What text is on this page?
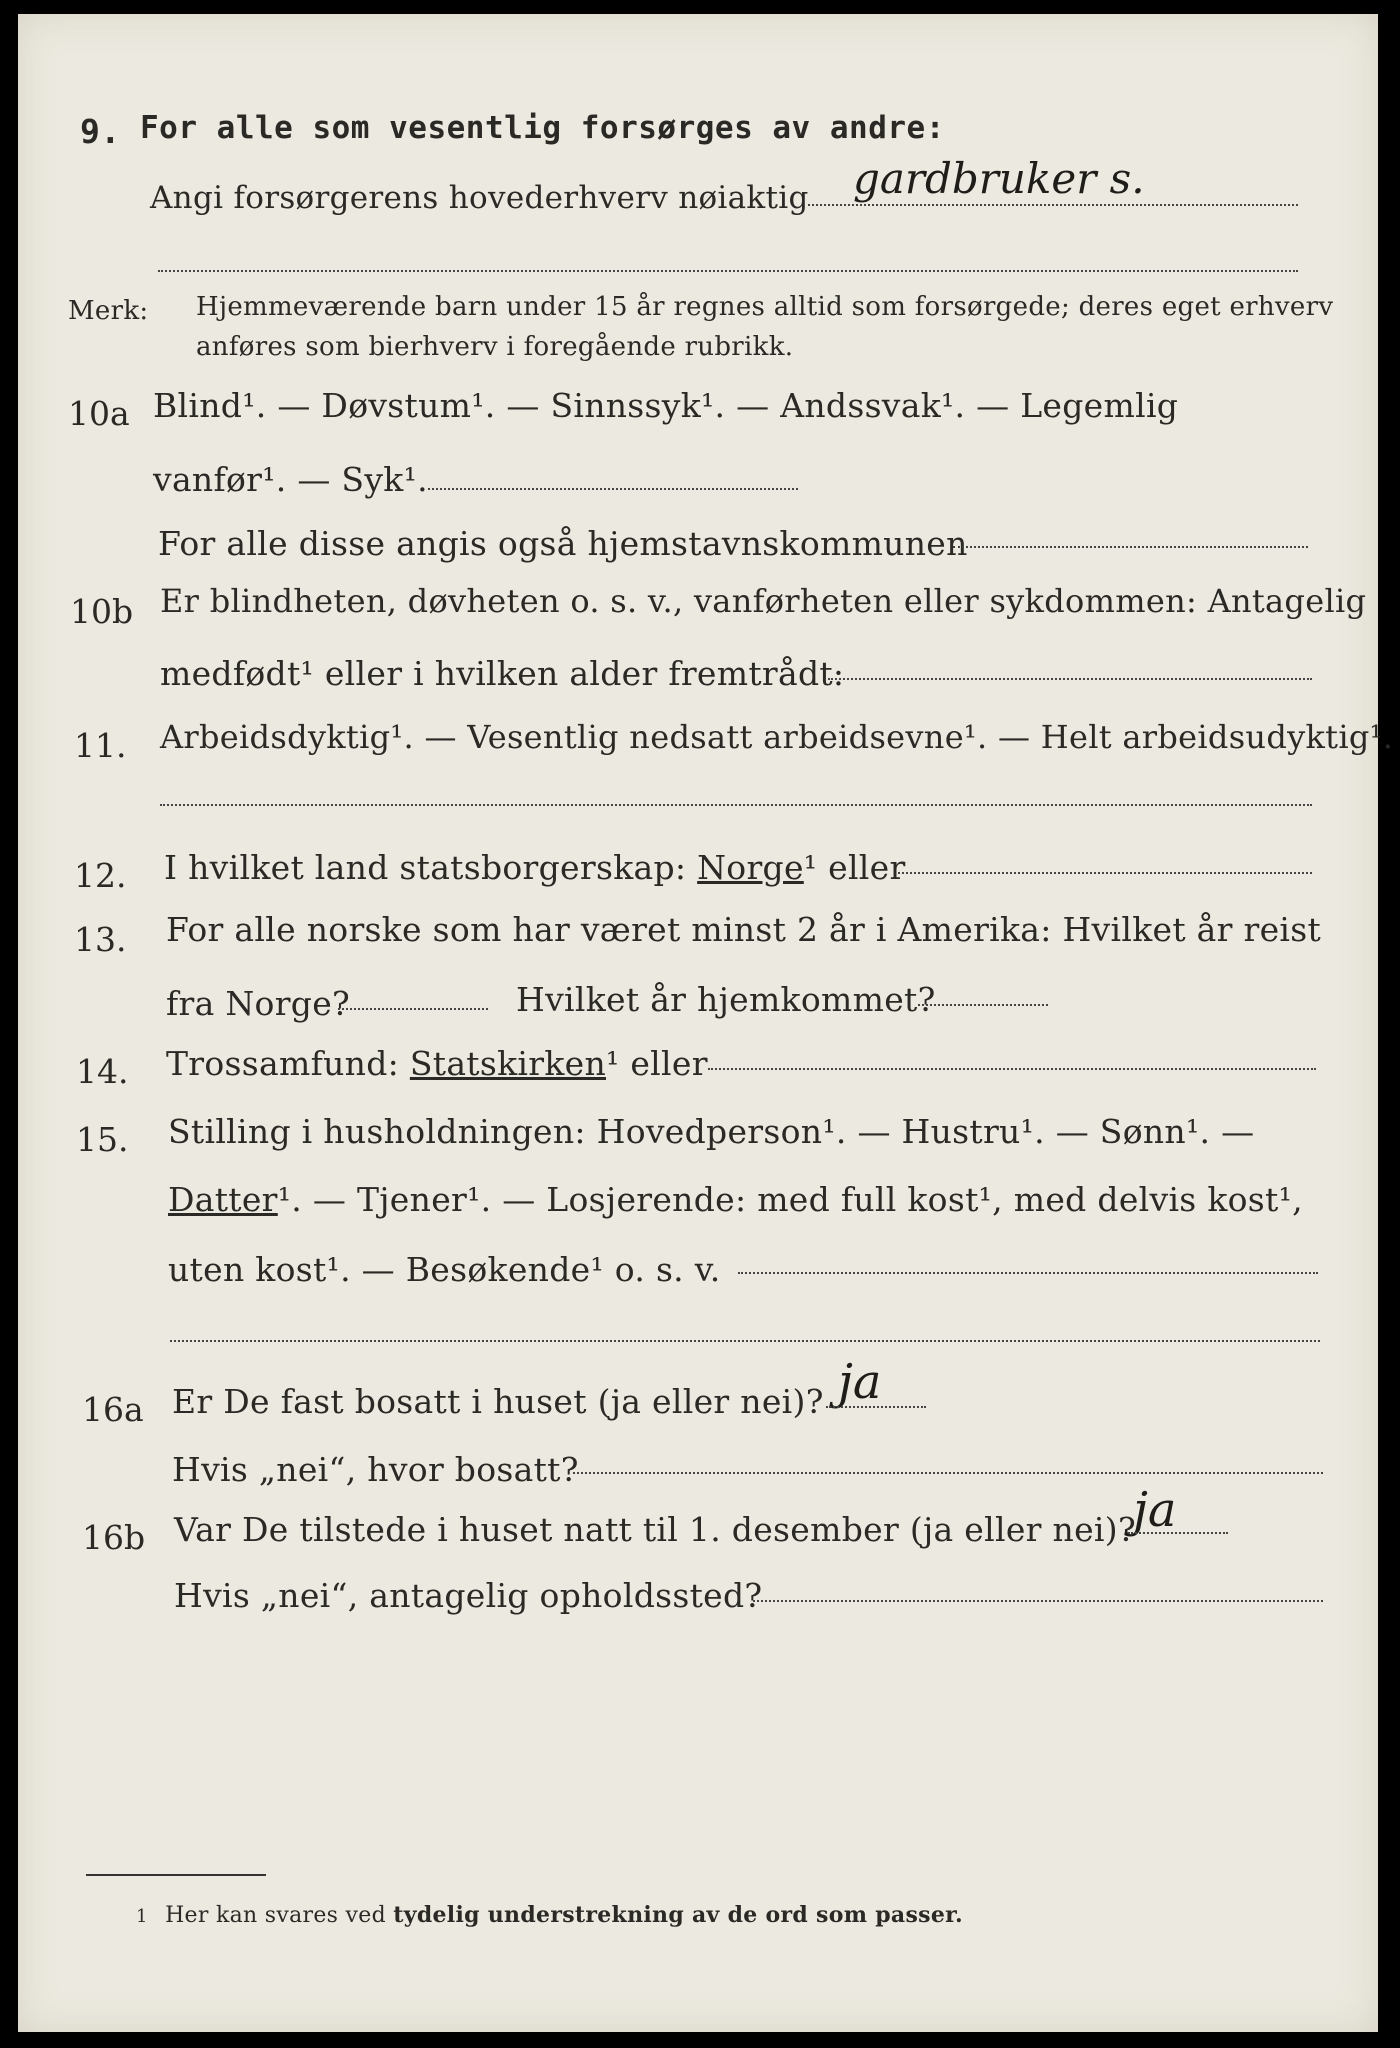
9. For alle som vesentlig forsørges av andre:
Angi forsørgerens hovederhverv nøiaktig gardbruker s.
Merk: Hjemmeværende barn under 15 år regnes alltid som forsørgede; deres eget erhverv
anføres som bierhverv i foregående rubrikk.
10a Blind¹. — Døvstum¹. — Sinnssyk¹. — Andssvak¹. — Legemlig
vanfør¹. — Syk¹.
For alle disse angis også hjemstavnskommunen
10b Er blindheten, døvheten o. s. v., vanførheten eller sykdommen: Antagelig
medfødt¹ eller i hvilken alder fremtrådt:
11. Arbeidsdyktig¹. — Vesentlig nedsatt arbeidsevne¹. — Helt arbeidsudyktig¹.
12. I hvilket land statsborgerskap: Norge¹ eller
13. For alle norske som har været minst 2 år i Amerika: Hvilket år reist
fra Norge?	Hvilket år hjemkommet?
14. Trossamfund: Statskirken¹ eller
15. Stilling i husholdningen: Hovedperson¹. — Hustru¹. — Sønn¹. —
Datter¹. — Tjener¹. — Losjerende: med full kost¹, med delvis kost¹,
uten kost¹. — Besøkende¹ o. s. v.
16a Er De fast bosatt i huset (ja eller nei)? ja
Hvis „nei“, hvor bosatt?
16b Var De tilstede i huset natt til 1. desember (ja eller nei)?
ja
Hvis „nei“, antagelig opholdssted?
1 Her kan svares ved tydelig understrekning av de ord som passer.
